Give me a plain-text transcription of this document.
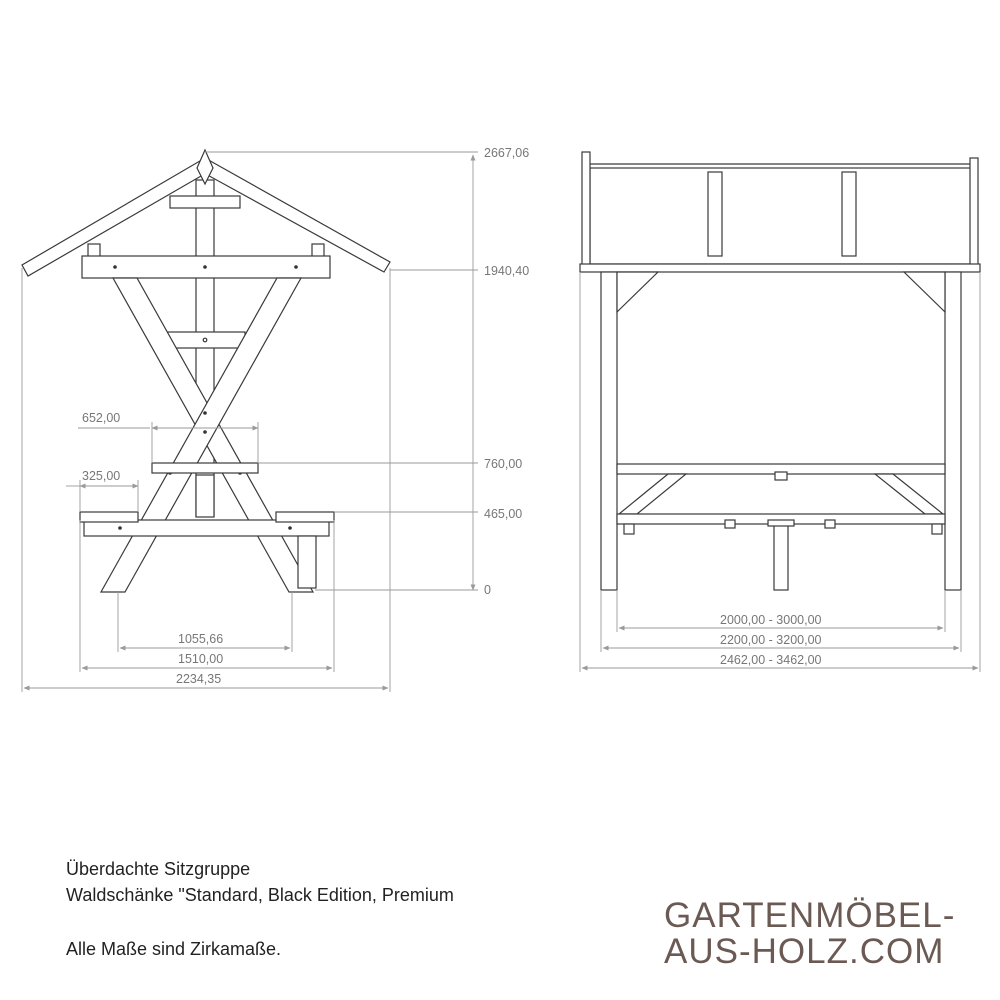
2667,06
1940,40
760,00
465,00
0
652,00
325,00
1055,66
1510,00
2234,35
2000,00 - 3000,00
2200,00 - 3200,00
2462,00 - 3462,00
Überdachte Sitzgruppe
Waldschänke "Standard, Black Edition, Premium
Alle Maße sind Zirkamaße.
GARTENMÖBEL-
AUS-HOLZ.COM
